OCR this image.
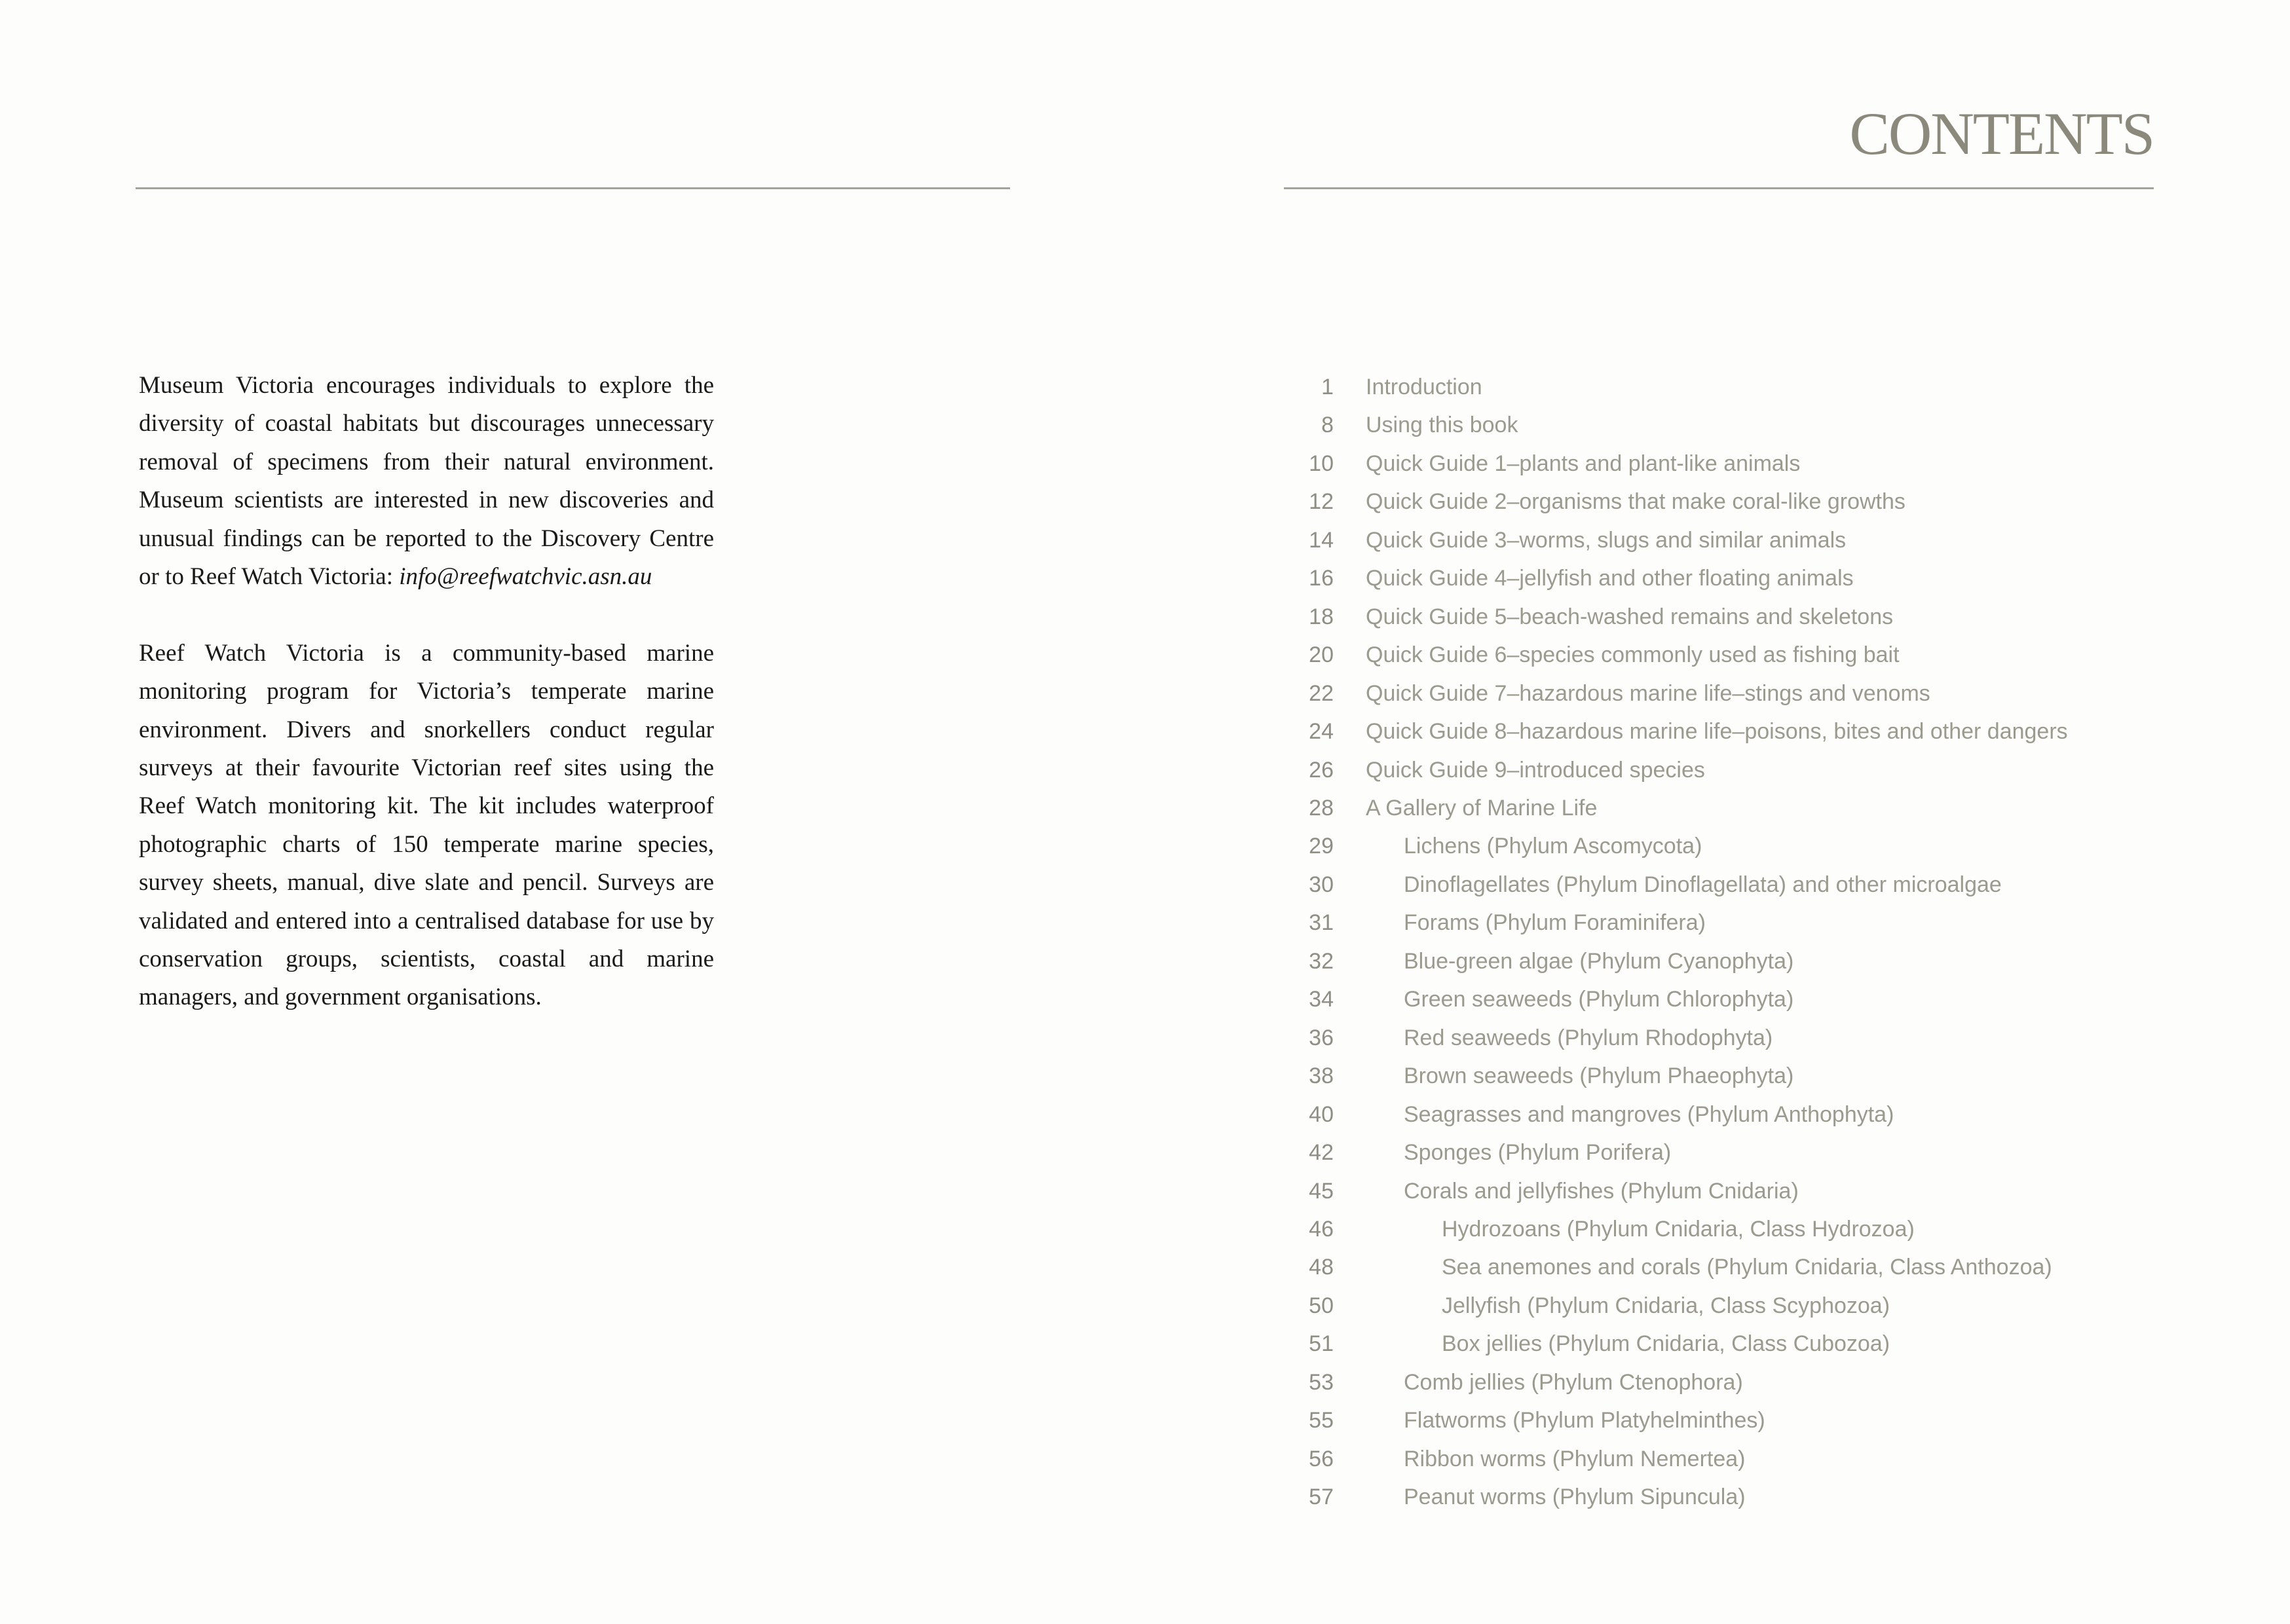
Museum Victoria encourages individuals to explore the diversity of coastal habitats but discourages unnecessary removal of specimens from their natural environment. Museum scientists are interested in new discoveries and unusual findings can be reported to the Discovery Centre or to Reef Watch Victoria: info@reefwatchvic.asn.au

Reef Watch Victoria is a community-based marine monitoring program for Victoria’s temperate marine environment. Divers and snorkellers conduct regular surveys at their favourite Victorian reef sites using the Reef Watch monitoring kit. The kit includes waterproof photographic charts of 150 temperate marine species, survey sheets, manual, dive slate and pencil. Surveys are validated and entered into a centralised database for use by conservation groups, scientists, coastal and marine managers, and government organisations.

CONTENTS
1 Introduction
8 Using this book
10 Quick Guide 1–plants and plant-like animals
12 Quick Guide 2–organisms that make coral-like growths
14 Quick Guide 3–worms, slugs and similar animals
16 Quick Guide 4–jellyfish and other floating animals
18 Quick Guide 5–beach-washed remains and skeletons
20 Quick Guide 6–species commonly used as fishing bait
22 Quick Guide 7–hazardous marine life–stings and venoms
24 Quick Guide 8–hazardous marine life–poisons, bites and other dangers
26 Quick Guide 9–introduced species
28 A Gallery of Marine Life
29	Lichens (Phylum Ascomycota)
30	Dinoflagellates (Phylum Dinoflagellata) and other microalgae
31	Forams (Phylum Foraminifera)
32	Blue-green algae (Phylum Cyanophyta)
34	Green seaweeds (Phylum Chlorophyta)
36	Red seaweeds (Phylum Rhodophyta)
38	Brown seaweeds (Phylum Phaeophyta)
40	Seagrasses and mangroves (Phylum Anthophyta)
42	Sponges (Phylum Porifera)
45	Corals and jellyfishes (Phylum Cnidaria)
46	Hydrozoans (Phylum Cnidaria, Class Hydrozoa)
48	Sea anemones and corals (Phylum Cnidaria, Class Anthozoa)
50	Jellyfish (Phylum Cnidaria, Class Scyphozoa)
51	Box jellies (Phylum Cnidaria, Class Cubozoa)
53	Comb jellies (Phylum Ctenophora)
55	Flatworms (Phylum Platyhelminthes)
56	Ribbon worms (Phylum Nemertea)
57	Peanut worms (Phylum Sipuncula)
